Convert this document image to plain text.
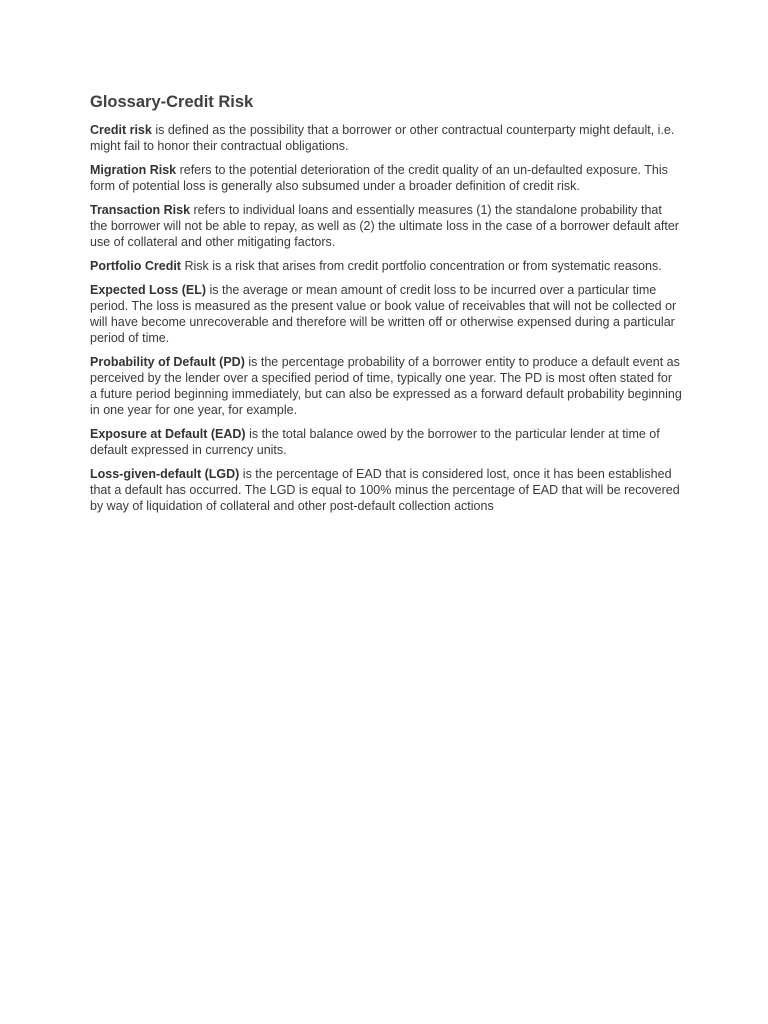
Glossary-Credit Risk

Credit risk is defined as the possibility that a borrower or other contractual counterparty might default, i.e. might fail to honor their contractual obligations.

Migration Risk refers to the potential deterioration of the credit quality of an un-defaulted exposure. This form of potential loss is generally also subsumed under a broader definition of credit risk.

Transaction Risk refers to individual loans and essentially measures (1) the standalone probability that the borrower will not be able to repay, as well as (2) the ultimate loss in the case of a borrower default after use of collateral and other mitigating factors.

Portfolio Credit Risk is a risk that arises from credit portfolio concentration or from systematic reasons.

Expected Loss (EL) is the average or mean amount of credit loss to be incurred over a particular time period. The loss is measured as the present value or book value of receivables that will not be collected or will have become unrecoverable and therefore will be written off or otherwise expensed during a particular period of time.

Probability of Default (PD) is the percentage probability of a borrower entity to produce a default event as perceived by the lender over a specified period of time, typically one year. The PD is most often stated for a future period beginning immediately, but can also be expressed as a forward default probability beginning in one year for one year, for example.

Exposure at Default (EAD) is the total balance owed by the borrower to the particular lender at time of default expressed in currency units.

Loss-given-default (LGD) is the percentage of EAD that is considered lost, once it has been established that a default has occurred. The LGD is equal to 100% minus the percentage of EAD that will be recovered by way of liquidation of collateral and other post-default collection actions
